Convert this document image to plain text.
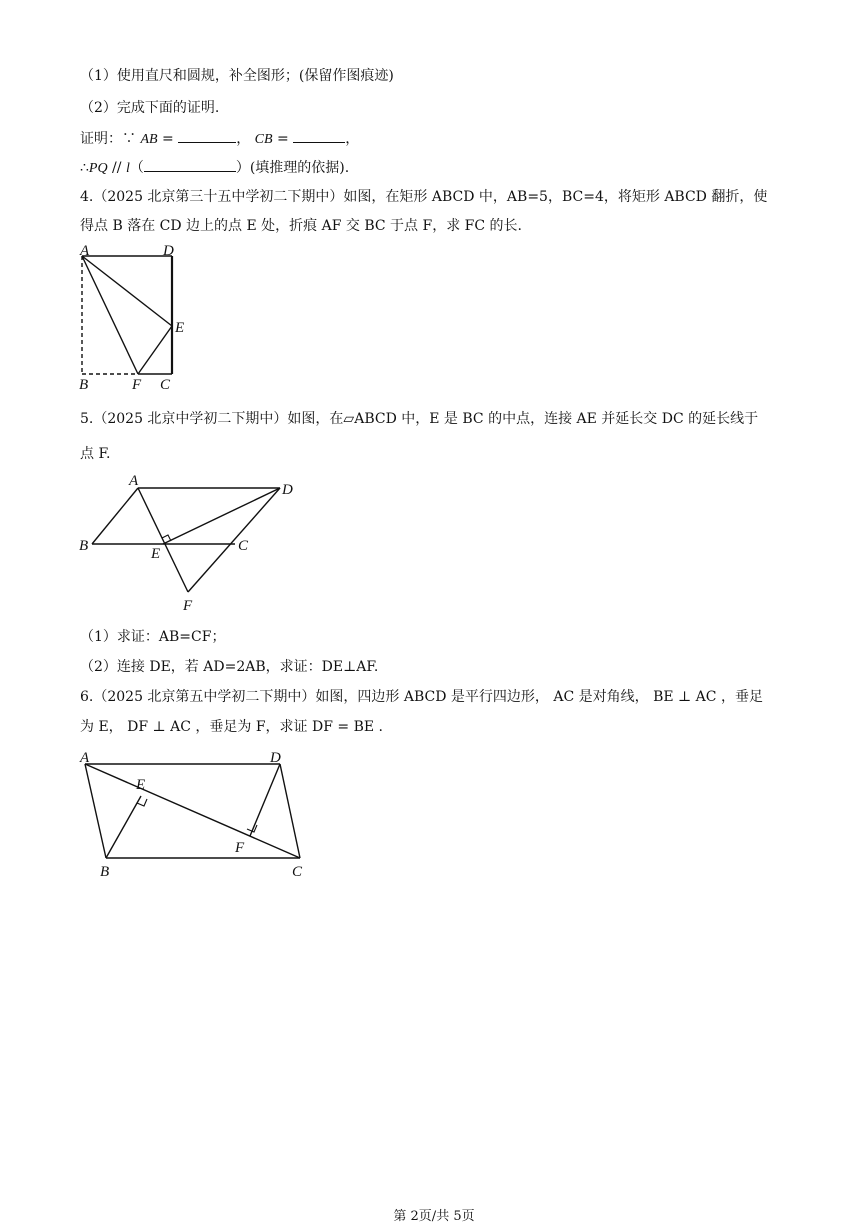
（1）使用直尺和圆规，补全图形；(保留作图痕迹)
（2）完成下面的证明.
证明：∵ AB =	， CB =	，
∴PQ // l（	）(填推理的依据).
4.（2025 北京第三十五中学初二下期中）如图，在矩形 ABCD 中，AB=5，BC=4，将矩形 ABCD 翻折，使
得点 B 落在 CD 边上的点 E 处，折痕 AF 交 BC 于点 F，求 FC 的长.
A	D
E
B	F C
5.（2025 北京中学初二下期中）如图，在▱ABCD 中，E 是 BC 的中点，连接 AE 并延长交 DC 的延长线于
点 F.
A
D
B	E	C
F
（1）求证：AB=CF；
（2）连接 DE，若 AD=2AB，求证：DE⊥AF.
6.（2025 北京第五中学初二下期中）如图，四边形 ABCD 是平行四边形， AC 是对角线， BE ⊥ AC ，垂足
为 E， DF ⊥ AC ，垂足为 F，求证 DF = BE .
A	D
E
F
B	C
第 2页/共 5页
